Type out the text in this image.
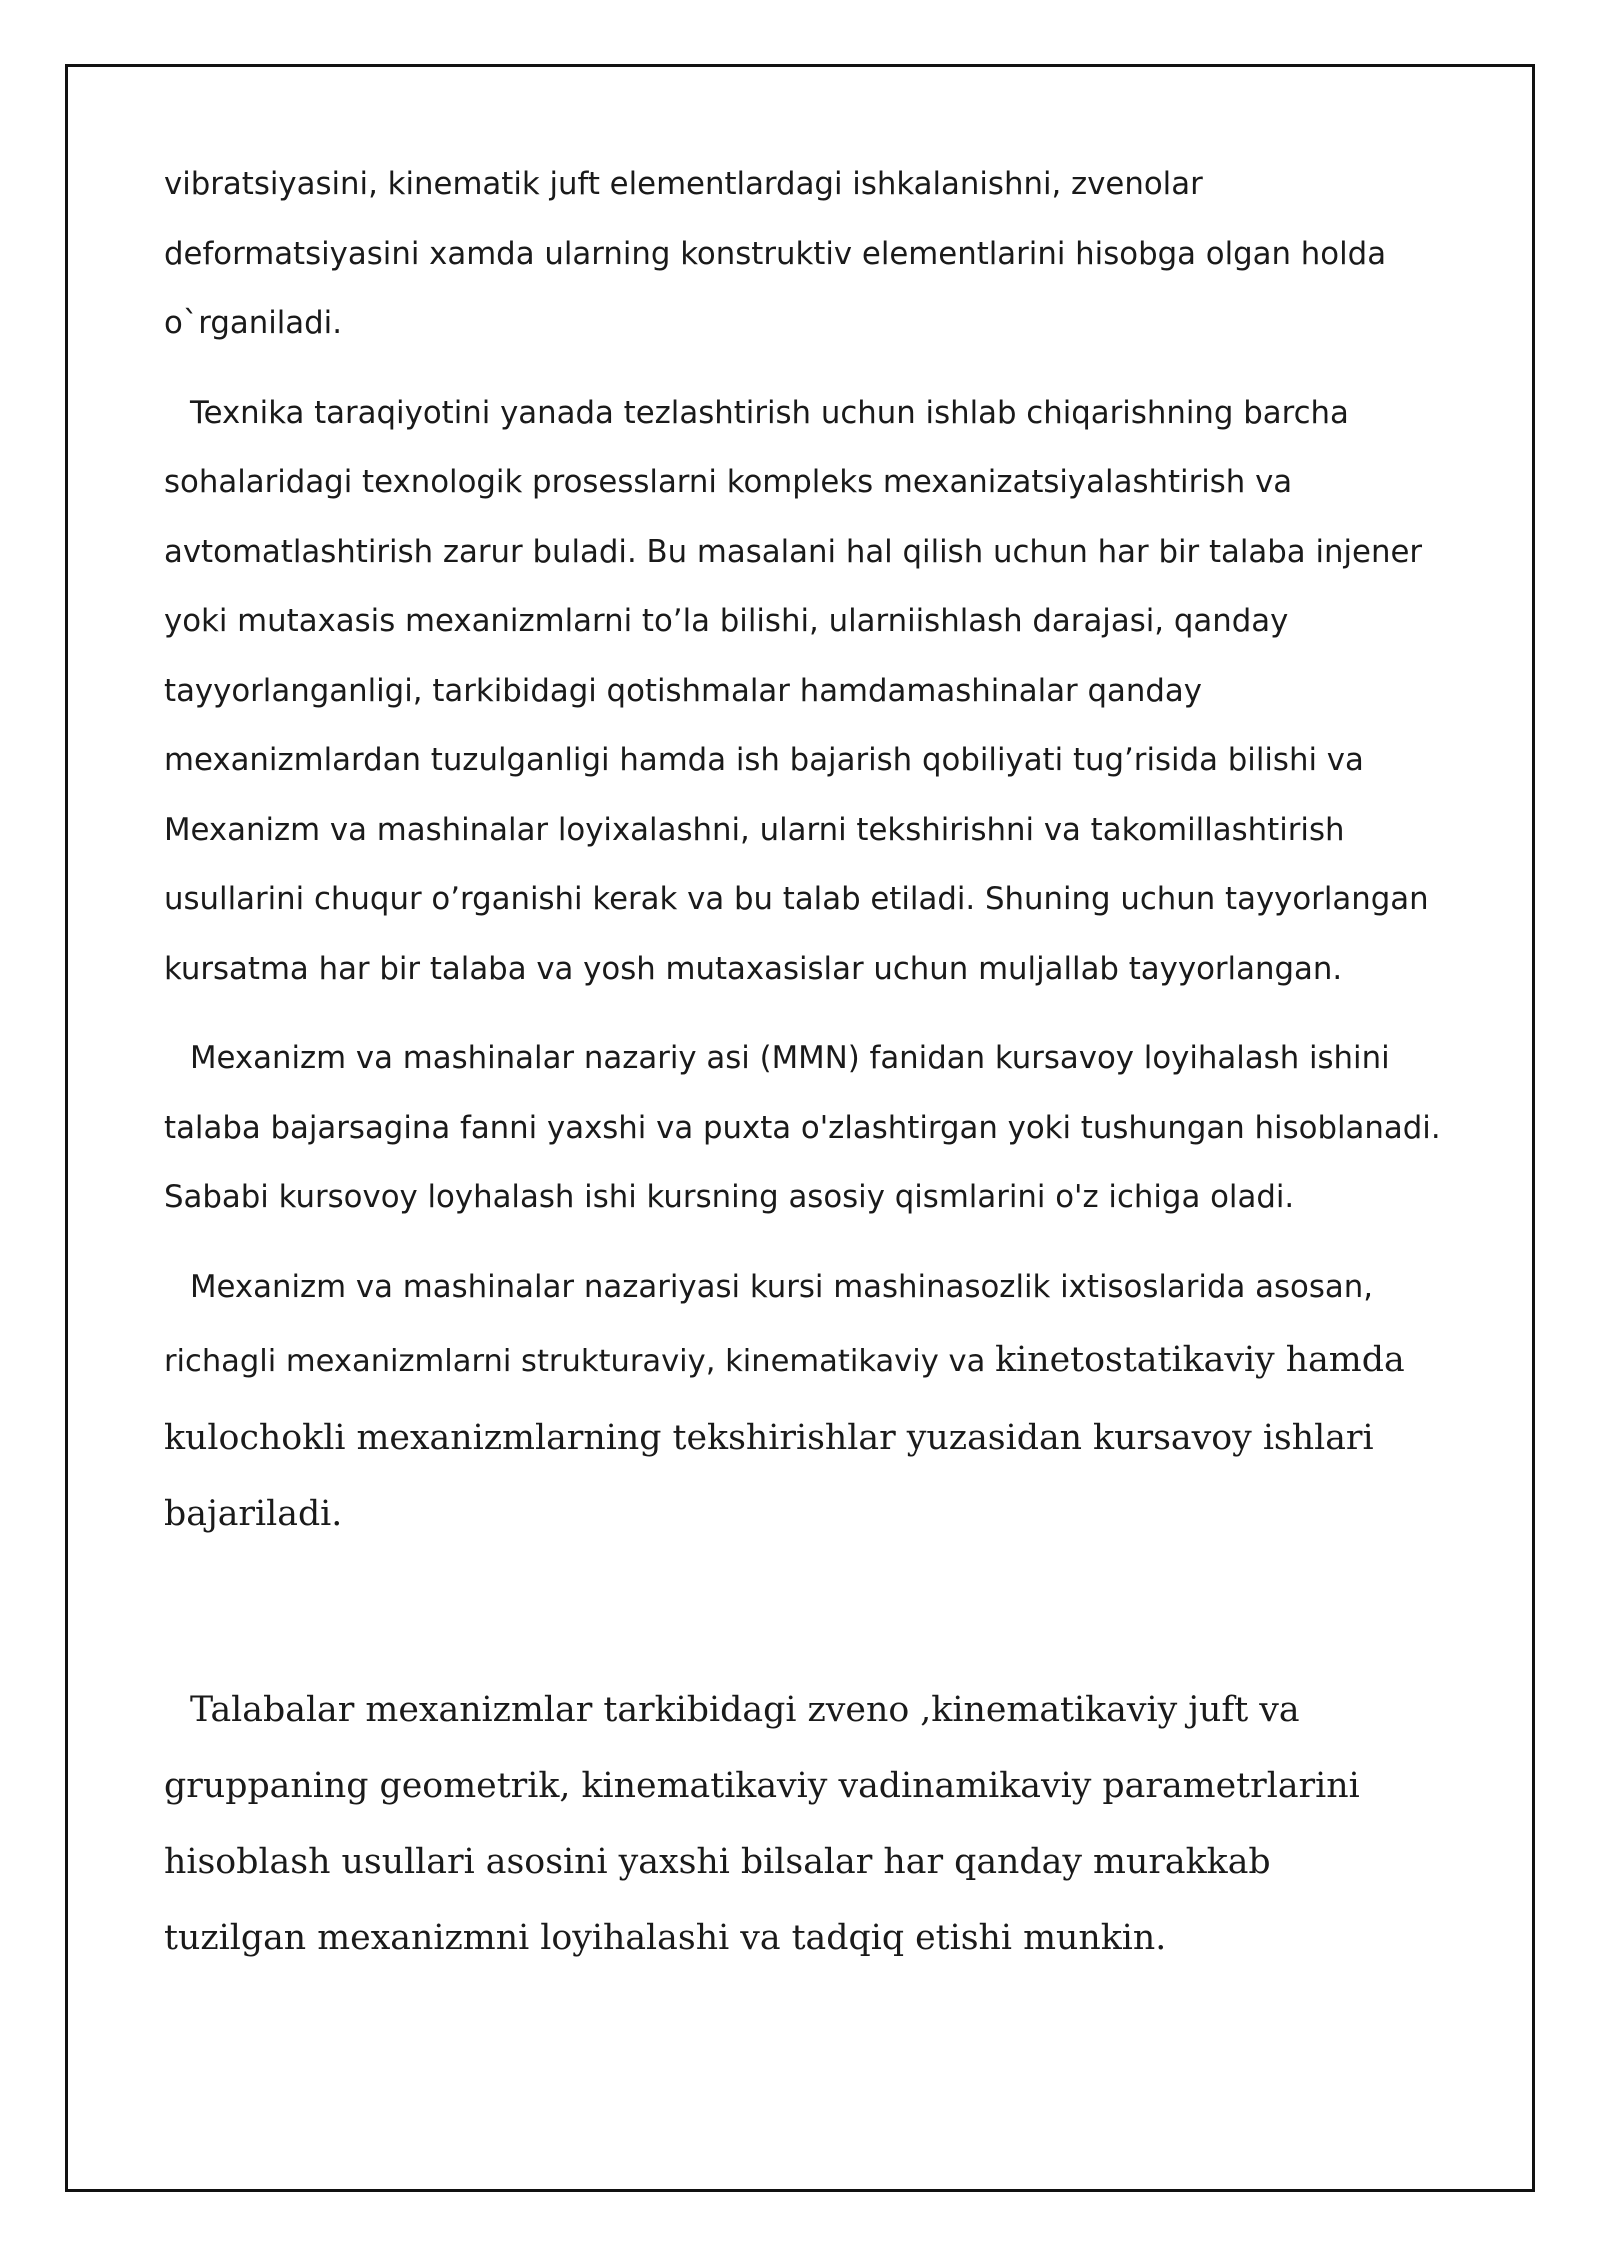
vibratsiyasini, kinematik juft elementlardagi ishkalanishni, zvenolar
deformatsiyasini xamda ularning konstruktiv elementlarini hisobga olgan holda
o`rganiladi.
Texnika taraqiyotini yanada tezlashtirish uchun ishlab chiqarishning barcha
sohalaridagi texnologik prosesslarni kompleks mexanizatsiyalashtirish va
avtomatlashtirish zarur buladi. Bu masalani hal qilish uchun har bir talaba injener
yoki mutaxasis mexanizmlarni to’la bilishi, ularniishlash darajasi, qanday
tayyorlanganligi, tarkibidagi qotishmalar hamdamashinalar qanday
mexanizmlardan tuzulganligi hamda ish bajarish qobiliyati tug’risida bilishi va
Mexanizm va mashinalar loyixalashni, ularni tekshirishni va takomillashtirish
usullarini chuqur o’rganishi kerak va bu talab etiladi. Shuning uchun tayyorlangan
kursatma har bir talaba va yosh mutaxasislar uchun muljallab tayyorlangan.
Mexanizm va mashinalar nazariy asi (MMN) fanidan kursavoy loyihalash ishini
talaba bajarsagina fanni yaxshi va puxta o'zlashtirgan yoki tushungan hisoblanadi.
Sababi kursovoy loyhalash ishi kursning asosiy qismlarini o'z ichiga oladi.
Mexanizm va mashinalar nazariyasi kursi mashinasozlik ixtisoslarida asosan,
richagli mexanizmlarni strukturaviy, kinematikaviy va kinetostatikaviy hamda
kulochokli mexanizmlarning tekshirishlar yuzasidan kursavoy ishlari
bajariladi.
Talabalar mexanizmlar tarkibidagi zveno ,kinematikaviy juft va
gruppaning geometrik, kinematikaviy vadinamikaviy parametrlarini
hisoblash usullari asosini yaxshi bilsalar har qanday murakkab
tuzilgan mexanizmni loyihalashi va tadqiq etishi munkin.
